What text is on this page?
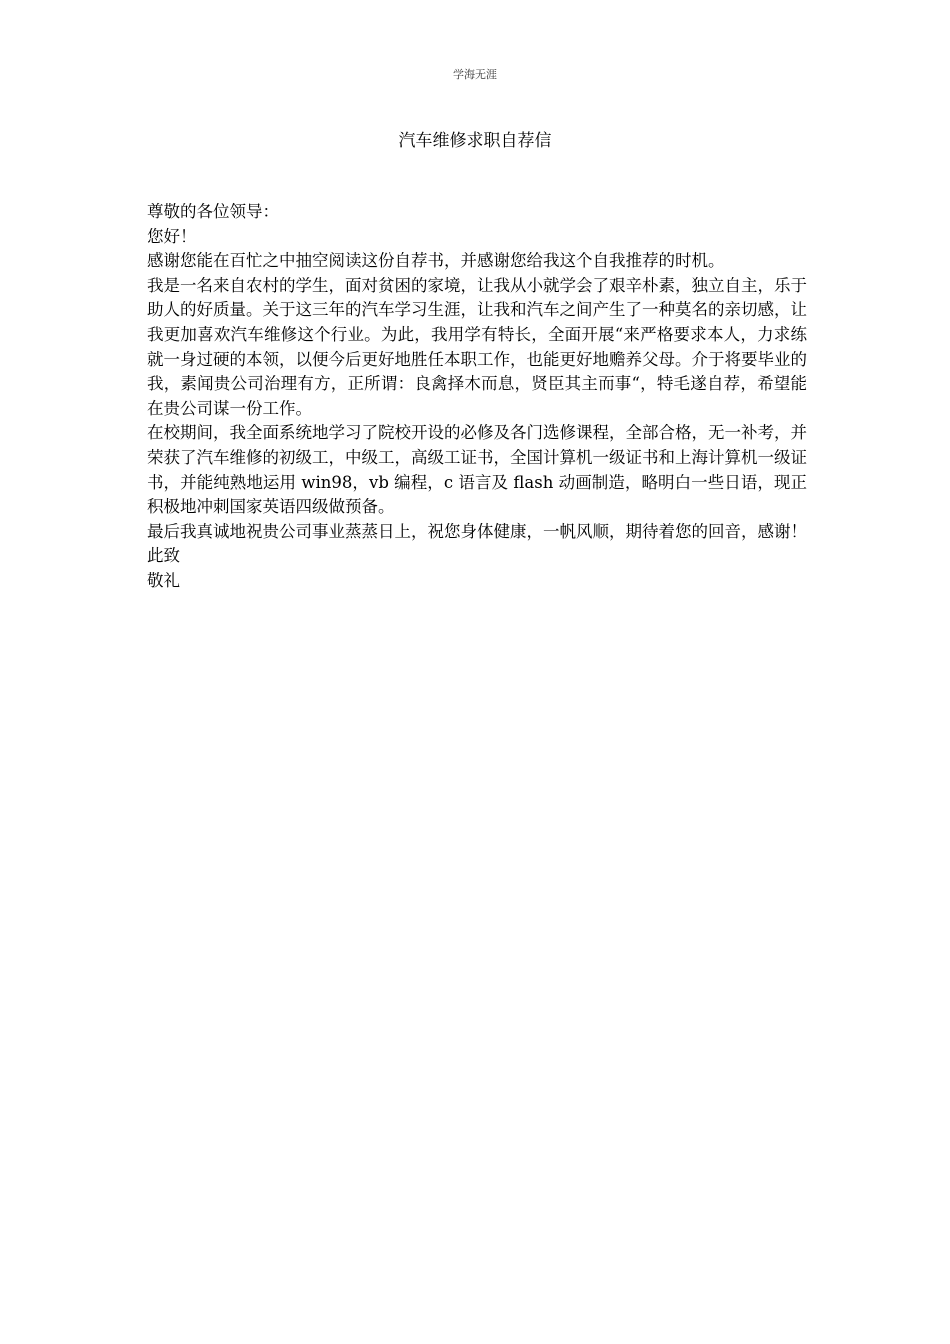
学海无涯
汽车维修求职自荐信

尊敬的各位领导：

您好！

感谢您能在百忙之中抽空阅读这份自荐书，并感谢您给我这个自我推荐的时机。

我是一名来自农村的学生，面对贫困的家境，让我从小就学会了艰辛朴素，独立自主，乐于助人的好质量。关于这三年的汽车学习生涯，让我和汽车之间产生了一种莫名的亲切感，让我更加喜欢汽车维修这个行业。为此，我用学有特长，全面开展“来严格要求本人，力求练就一身过硬的本领，以便今后更好地胜任本职工作，也能更好地赡养父母。介于将要毕业的我，素闻贵公司治理有方，正所谓：良禽择木而息，贤臣其主而事“，特毛遂自荐，希望能在贵公司谋一份工作。

在校期间，我全面系统地学习了院校开设的必修及各门选修课程，全部合格，无一补考，并荣获了汽车维修的初级工，中级工，高级工证书，全国计算机一级证书和上海计算机一级证书，并能纯熟地运用 win98，vb 编程，c 语言及 flash 动画制造，略明白一些日语，现正积极地冲刺国家英语四级做预备。

最后我真诚地祝贵公司事业蒸蒸日上，祝您身体健康，一帆风顺，期待着您的回音，感谢！

此致

敬礼
